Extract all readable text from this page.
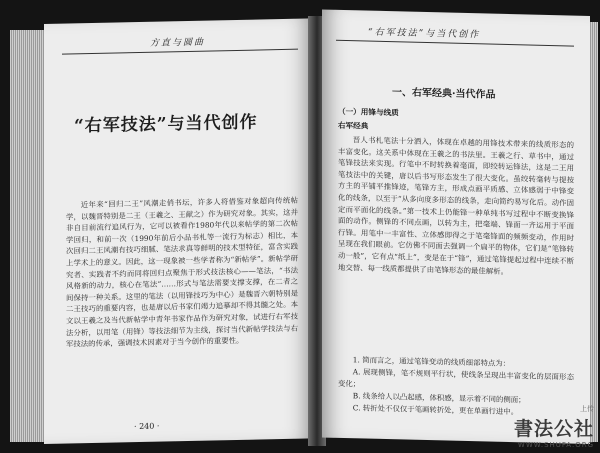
方直与圆曲
“右军技法”与当代创作
近年来“回归二王”风潮走俏书坛，许多人将借鉴对象超向传统帖学，以魏晋特别是二王（王羲之、王献之）作为研究对象。其实，这并非自目前流行追风行为，它可以被看作1980年代以来帖学的第二次帖学回归，和前一次（1990年前后小品书札等一流行为标志）相比，本次回归二王风潮有技巧细腻、笔法求真等鲜明的技术型特征，富含实践上学术上的意义。因此，这一现象被一些学者称为“新帖学”。新帖学研究者、实践者不约而同将回归点聚焦于形式技法核心——笔法，“书法风格新的动力，核心在笔法”……形式与笔法需要支撑支撑，在二者之间保持一种关系。这里的笔法（以用锋技巧为中心）是魏晋六朝特别是二王技巧的重要内容，也是唐以后书家们竭力追摹却不得其髓之处。本文以王羲之及当代新帖学中青年书家作品作为研究对象，试进行右军技法分析，以用笔（用锋）等技法细节为主线，探讨当代新帖学技法与右军技法的传承，强调技术因素对于当今创作的重要性。
· 240 ·
“右军技法”与当代创作
一、右军经典·当代作品
（一）用锋与线质
右军经典
晋人书札笔法十分洒入，体现在卓越的用锋技术带来的线质形态的丰富变化。这关系中体现在王羲之的书法里。王羲之行、草书中，通过笔锋技法来实现。行笔中不时转换着毫面，即绞转运锋法，这是二王用笔技法中的关键，唐以后书写形态发生了很大变化。虽绞转毫转与提按方主的平铺平推锋迹，笔锋方主，形成点画平质感、立体感弱于中锋变化的线条，以至于“从多向度多形态的线条，走向简约易写化后。动作固定而平面化的线条。”第一技术上仍能锋一种单纯书写过程中不断变换锋面的动作。侧锋的不同点画，以转为主，把毫端、锋面一齐运用于平面行锋。用笔中一丰富性、立体感即得之于笔毫锋面的频频变动，作用时呈现在我们眼前。它仿佛不同面去强调一个扁平的物体，它们是“笔锋转动一般”，它有点“纸上”，变是在于“锋”，通过笔锋提起过程中连续不断地交替、每一线质都提供了由笔锋形态的最佳解析。
1. 简而言之，通过笔锋变动的线质细部特点为：
A. 展现侧锋，笔不规则平行状，使线条呈现出丰富变化的层面形态变化；
B. 线条给人以凸起感，体积感，显示着不同的侧面；
C. 转折处不仅仅于笔画转折处，更在单画行进中。	上传
書法公社
WWW.SHUFA.ORG
